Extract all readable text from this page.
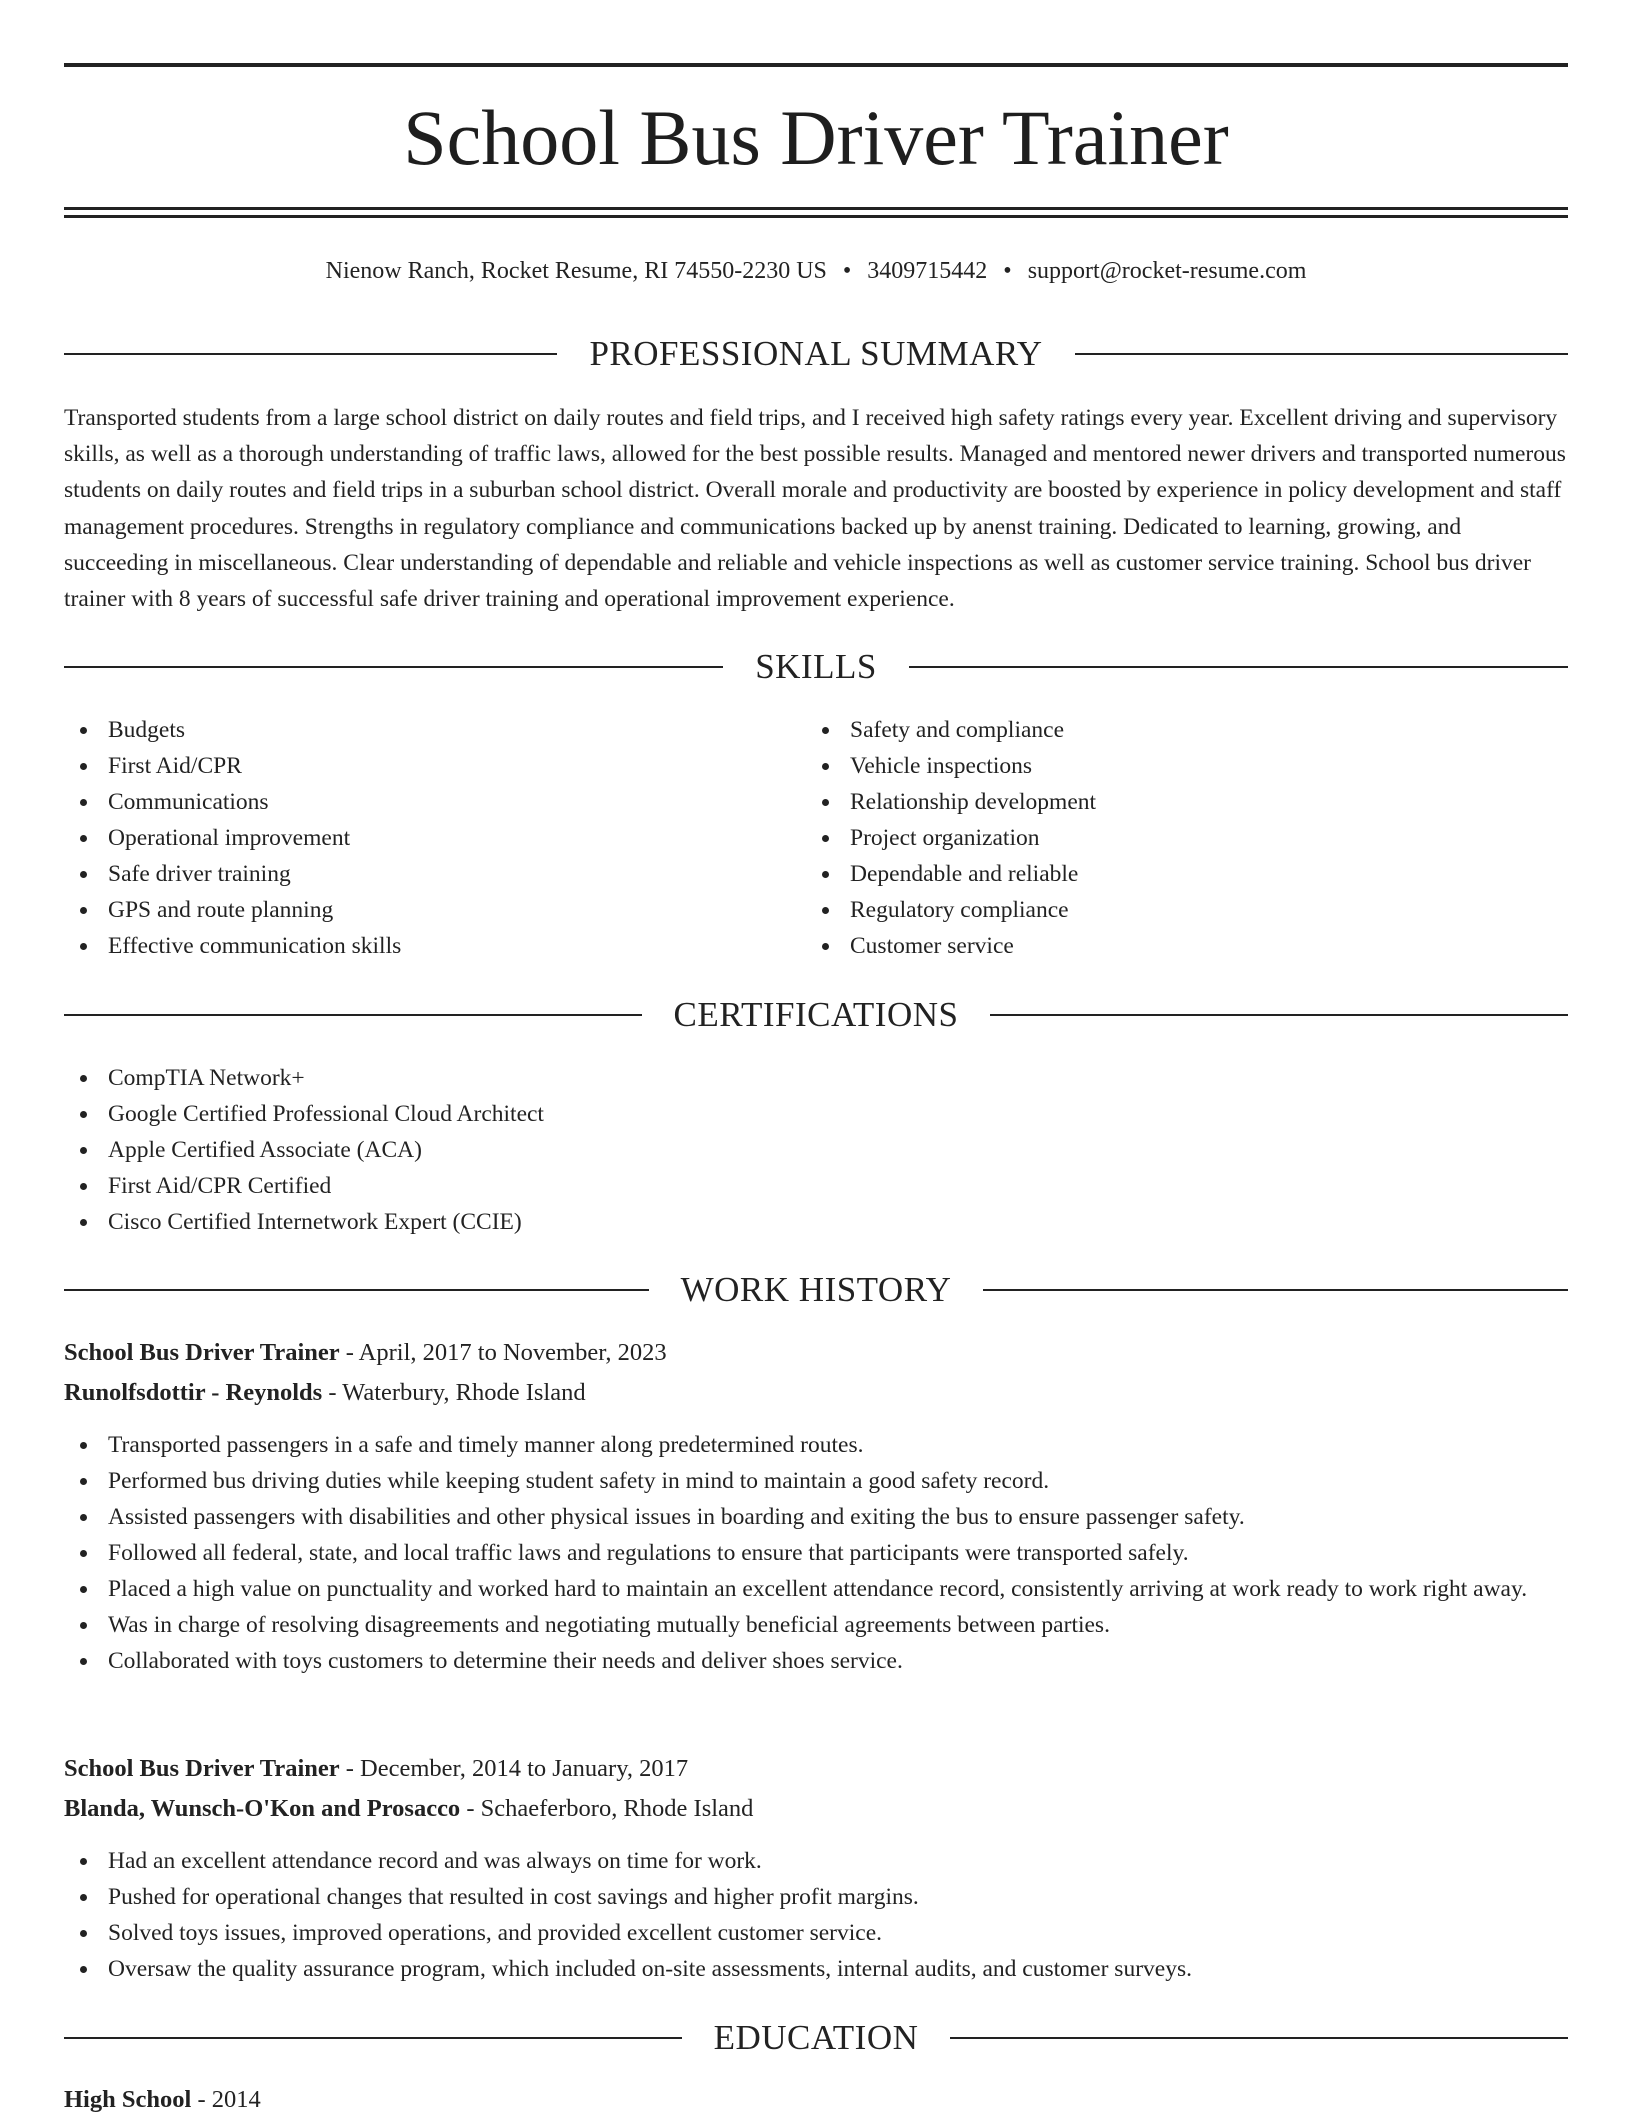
School Bus Driver Trainer
Nienow Ranch, Rocket Resume, RI 74550-2230 US • 3409715442 • support@rocket-resume.com
PROFESSIONAL SUMMARY

Transported students from a large school district on daily routes and field trips, and I received high safety ratings every year. Excellent driving and supervisory skills, as well as a thorough understanding of traffic laws, allowed for the best possible results. Managed and mentored newer drivers and transported numerous students on daily routes and field trips in a suburban school district. Overall morale and productivity are boosted by experience in policy development and staff management procedures. Strengths in regulatory compliance and communications backed up by anenst training. Dedicated to learning, growing, and succeeding in miscellaneous. Clear understanding of dependable and reliable and vehicle inspections as well as customer service training. School bus driver trainer with 8 years of successful safe driver training and operational improvement experience.

SKILLS
Budgets
First Aid/CPR
Communications
Operational improvement
Safe driver training
GPS and route planning
Effective communication skills
Safety and compliance
Vehicle inspections
Relationship development
Project organization
Dependable and reliable
Regulatory compliance
Customer service
CERTIFICATIONS
CompTIA Network+
Google Certified Professional Cloud Architect
Apple Certified Associate (ACA)
First Aid/CPR Certified
Cisco Certified Internetwork Expert (CCIE)
WORK HISTORY
School Bus Driver Trainer - April, 2017 to November, 2023
Runolfsdottir - Reynolds - Waterbury, Rhode Island
Transported passengers in a safe and timely manner along predetermined routes.
Performed bus driving duties while keeping student safety in mind to maintain a good safety record.
Assisted passengers with disabilities and other physical issues in boarding and exiting the bus to ensure passenger safety.
Followed all federal, state, and local traffic laws and regulations to ensure that participants were transported safely.
Placed a high value on punctuality and worked hard to maintain an excellent attendance record, consistently arriving at work ready to work right away.
Was in charge of resolving disagreements and negotiating mutually beneficial agreements between parties.
Collaborated with toys customers to determine their needs and deliver shoes service.
School Bus Driver Trainer - December, 2014 to January, 2017
Blanda, Wunsch-O'Kon and Prosacco - Schaeferboro, Rhode Island
Had an excellent attendance record and was always on time for work.
Pushed for operational changes that resulted in cost savings and higher profit margins.
Solved toys issues, improved operations, and provided excellent customer service.
Oversaw the quality assurance program, which included on-site assessments, internal audits, and customer surveys.
EDUCATION
High School - 2014
